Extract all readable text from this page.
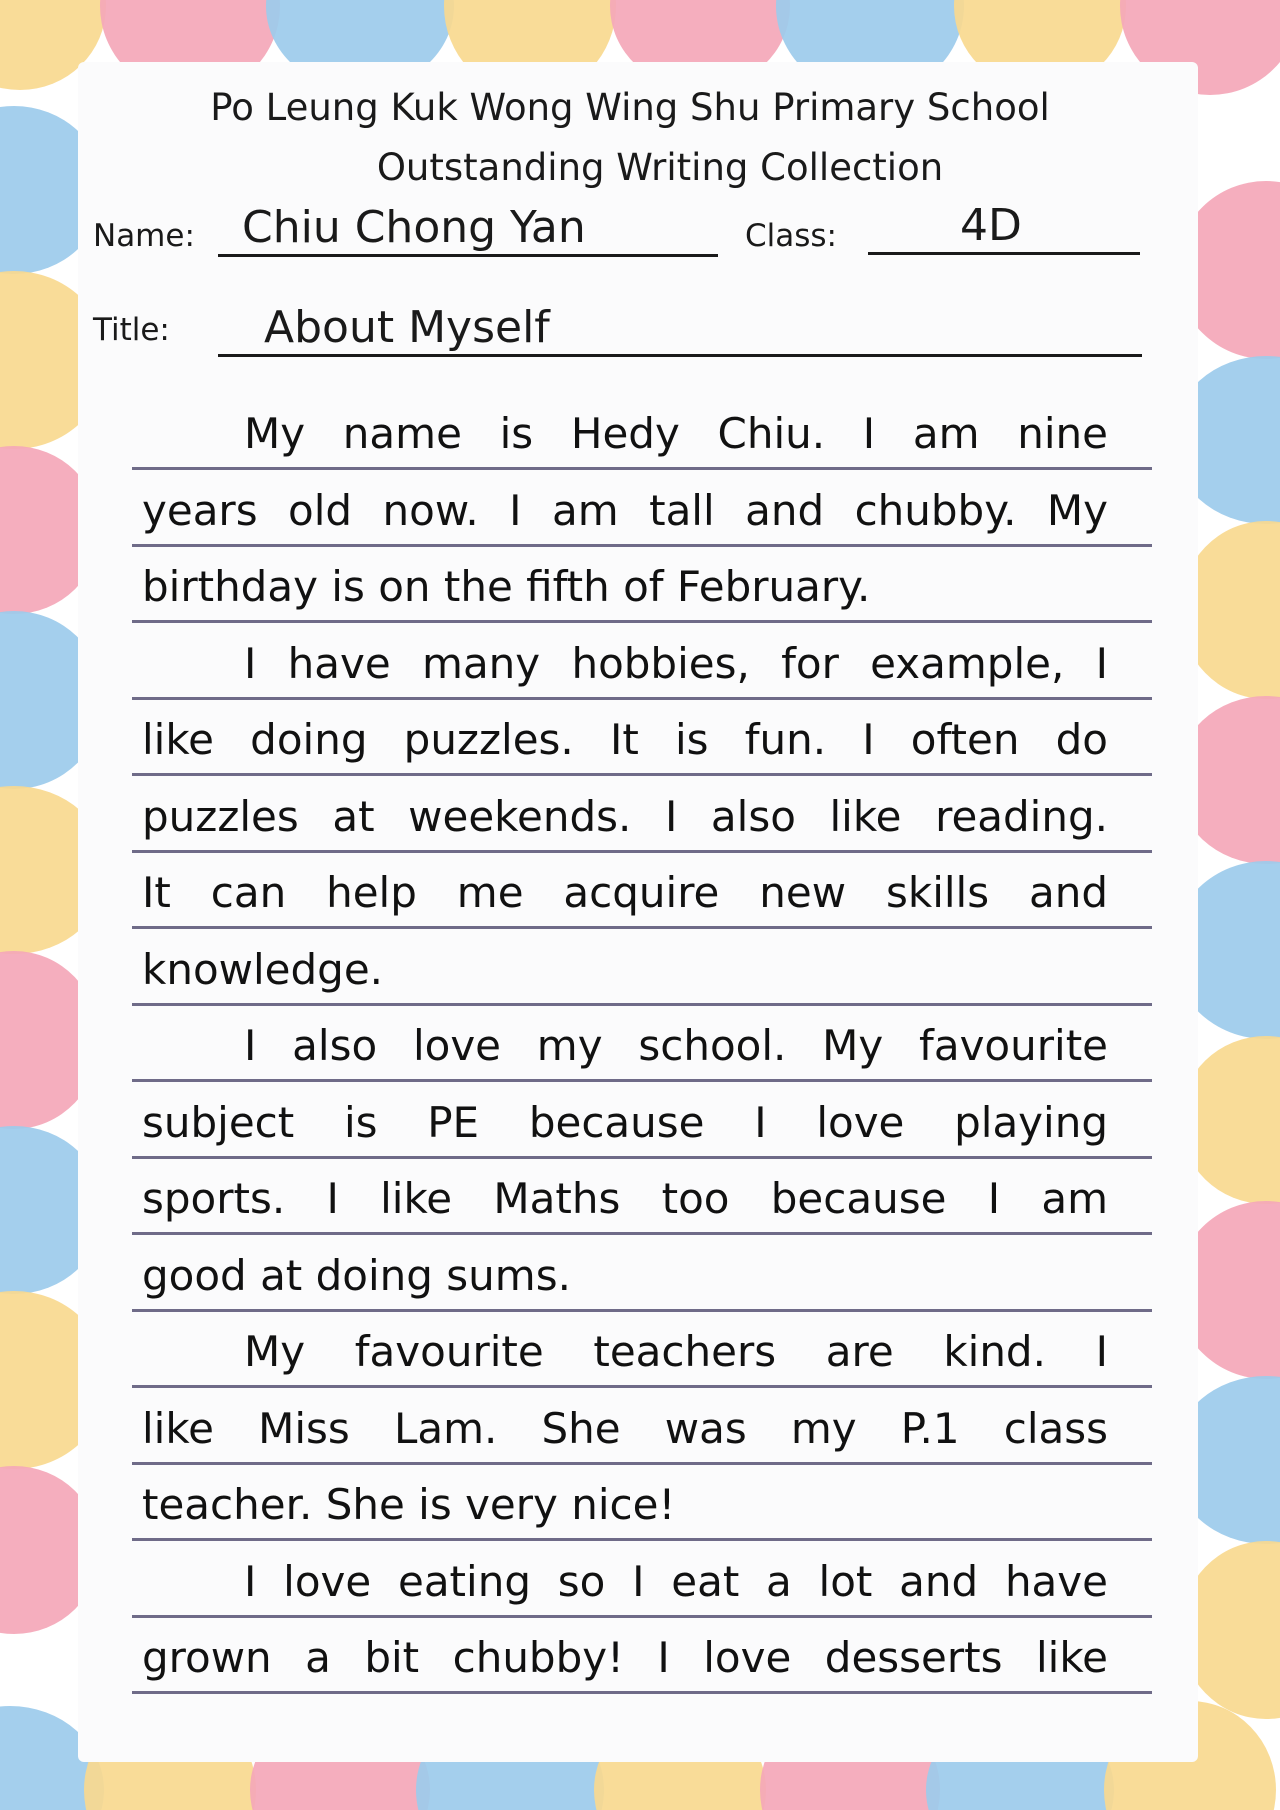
Po Leung Kuk Wong Wing Shu Primary School
Outstanding Writing Collection
Name:	Chiu Chong Yan	Class:	4D
Title:	About Myself
My name is Hedy Chiu. I am nine
years old now. I am tall and chubby. My
birthday is on the fifth of February.
I have many hobbies, for example, I
like doing puzzles. It is fun. I often do
puzzles at weekends. I also like reading.
It can help me acquire new skills and
knowledge.
I also love my school. My favourite
subject is PE because I love playing
sports. I like Maths too because I am
good at doing sums.
My favourite teachers are kind. I
like Miss Lam. She was my P.1 class
teacher. She is very nice!
I love eating so I eat a lot and have
grown a bit chubby! I love desserts like
